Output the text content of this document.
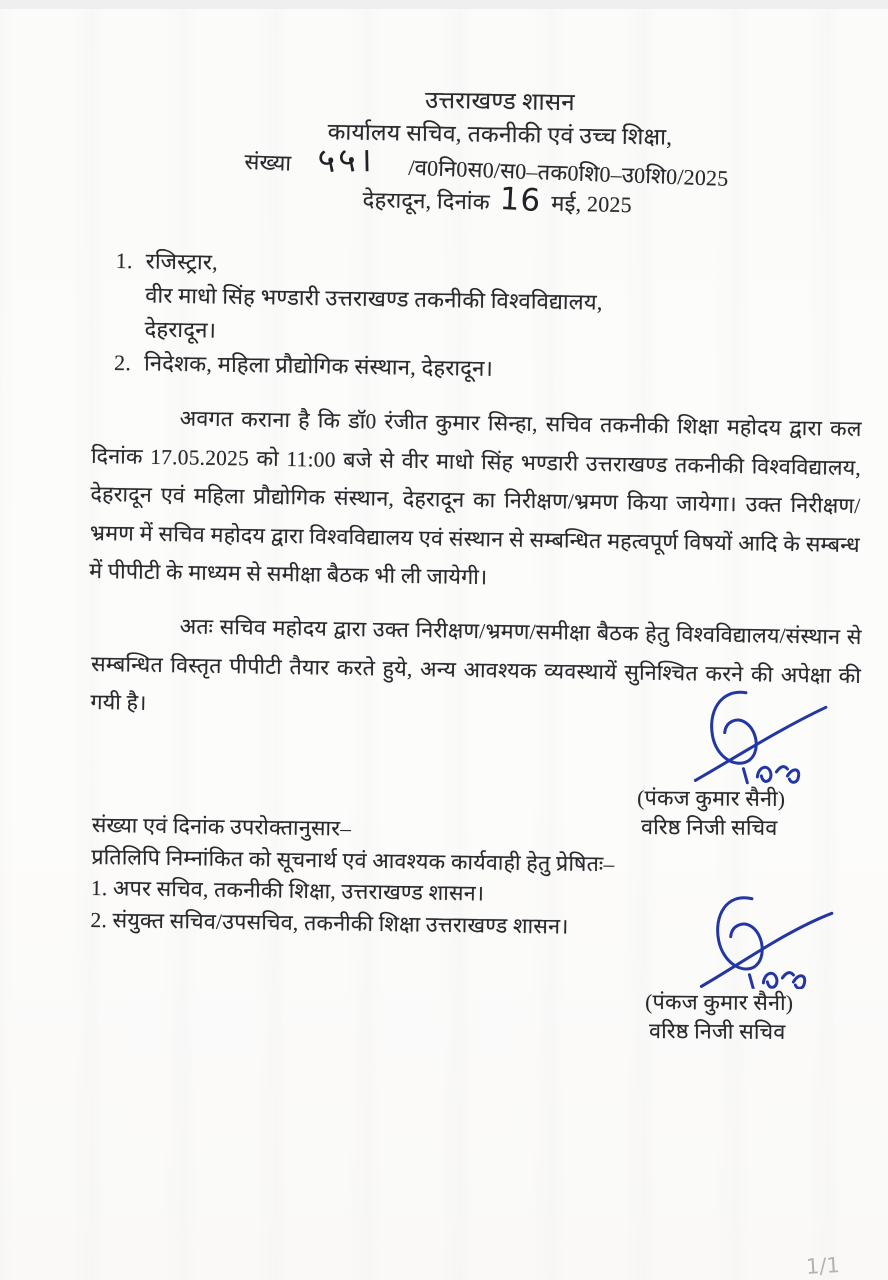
उत्तराखण्ड शासन
कार्यालय सचिव, तकनीकी एवं उच्च शिक्षा,
संख्या ५५। /व0नि0स0/स0–तक0शि0–उ0शि0/2025
देहरादून, दिनांक 16 मई, 2025
1. रजिस्ट्रार,
वीर माधो सिंह भण्डारी उत्तराखण्ड तकनीकी विश्वविद्यालय,
देहरादून।
2. निदेशक, महिला प्रौद्योगिक संस्थान, देहरादून।

अवगत कराना है कि डॉ0 रंजीत कुमार सिन्हा, सचिव तकनीकी शिक्षा महोदय द्वारा कल दिनांक 17.05.2025 को 11:00 बजे से वीर माधो सिंह भण्डारी उत्तराखण्ड तकनीकी विश्वविद्यालय, देहरादून एवं महिला प्रौद्योगिक संस्थान, देहरादून का निरीक्षण/भ्रमण किया जायेगा। उक्त निरीक्षण/भ्रमण में सचिव महोदय द्वारा विश्वविद्यालय एवं संस्थान से सम्बन्धित महत्वपूर्ण विषयों आदि के सम्बन्ध में पीपीटी के माध्यम से समीक्षा बैठक भी ली जायेगी।

अतः सचिव महोदय द्वारा उक्त निरीक्षण/भ्रमण/समीक्षा बैठक हेतु विश्वविद्यालय/संस्थान से सम्बन्धित विस्तृत पीपीटी तैयार करते हुये, अन्य आवश्यक व्यवस्थायें सुनिश्चित करने की अपेक्षा की गयी है।

(पंकज कुमार सैनी)
वरिष्ठ निजी सचिव
संख्या एवं दिनांक उपरोक्तानुसार–
प्रतिलिपि निम्नांकित को सूचनार्थ एवं आवश्यक कार्यवाही हेतु प्रेषितः–
1. अपर सचिव, तकनीकी शिक्षा, उत्तराखण्ड शासन।
2. संयुक्त सचिव/उपसचिव, तकनीकी शिक्षा उत्तराखण्ड शासन।
(पंकज कुमार सैनी)
वरिष्ठ निजी सचिव
1/1
